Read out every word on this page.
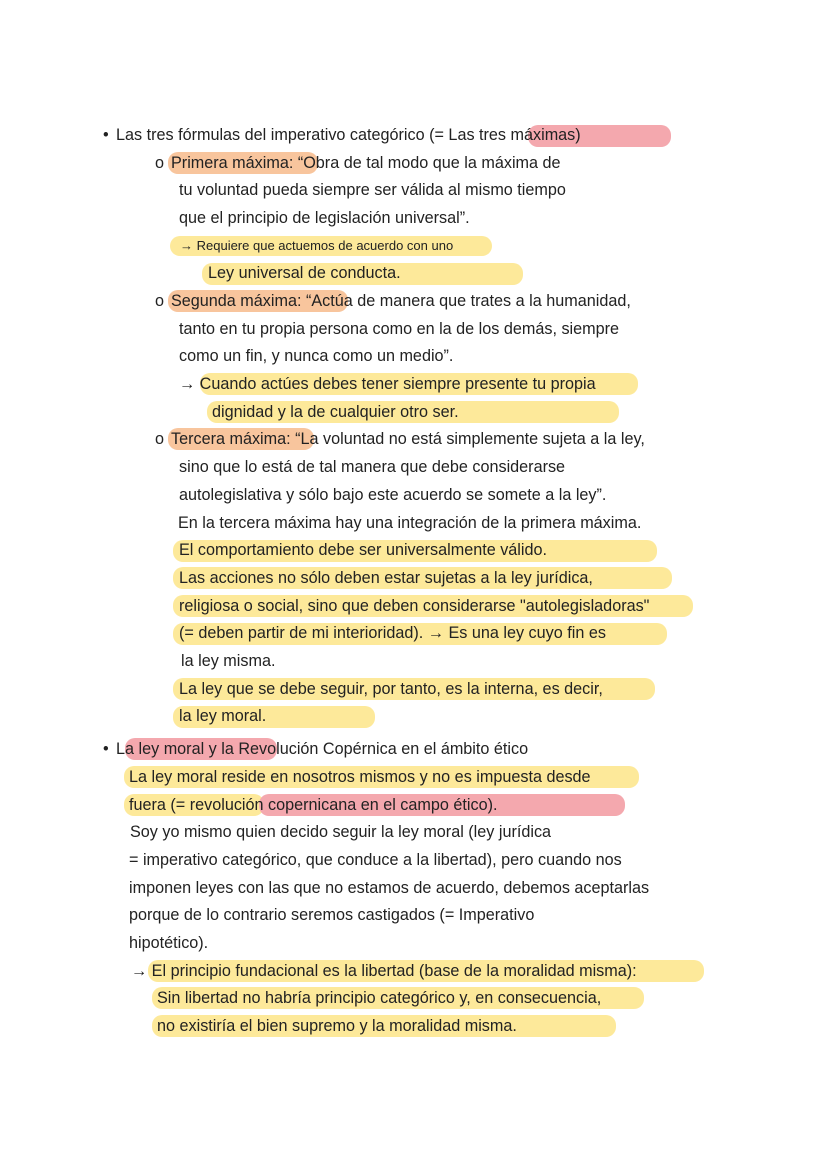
• Las tres fórmulas del imperativo categórico (= Las tres máximas)
o Primera máxima: “Obra de tal modo que la máxima de
tu voluntad pueda siempre ser válida al mismo tiempo
que el principio de legislación universal”.
→ Requiere que actuemos de acuerdo con uno
Ley universal de conducta.
o Segunda máxima: “Actúa de manera que trates a la humanidad,
tanto en tu propia persona como en la de los demás, siempre
como un fin, y nunca como un medio”.
→ Cuando actúes debes tener siempre presente tu propia
dignidad y la de cualquier otro ser.
o Tercera máxima: “La voluntad no está simplemente sujeta a la ley,
sino que lo está de tal manera que debe considerarse
autolegislativa y sólo bajo este acuerdo se somete a la ley”.
En la tercera máxima hay una integración de la primera máxima.
El comportamiento debe ser universalmente válido.
Las acciones no sólo deben estar sujetas a la ley jurídica,
religiosa o social, sino que deben considerarse "autolegisladoras"
(= deben partir de mi interioridad). → Es una ley cuyo fin es
la ley misma.
La ley que se debe seguir, por tanto, es la interna, es decir,
la ley moral.
• La ley moral y la Revolución Copérnica en el ámbito ético
La ley moral reside en nosotros mismos y no es impuesta desde
fuera (= revolución copernicana en el campo ético).
Soy yo mismo quien decido seguir la ley moral (ley jurídica
= imperativo categórico, que conduce a la libertad), pero cuando nos
imponen leyes con las que no estamos de acuerdo, debemos aceptarlas
porque de lo contrario seremos castigados (= Imperativo
hipotético).
→ El principio fundacional es la libertad (base de la moralidad misma):
Sin libertad no habría principio categórico y, en consecuencia,
no existiría el bien supremo y la moralidad misma.
